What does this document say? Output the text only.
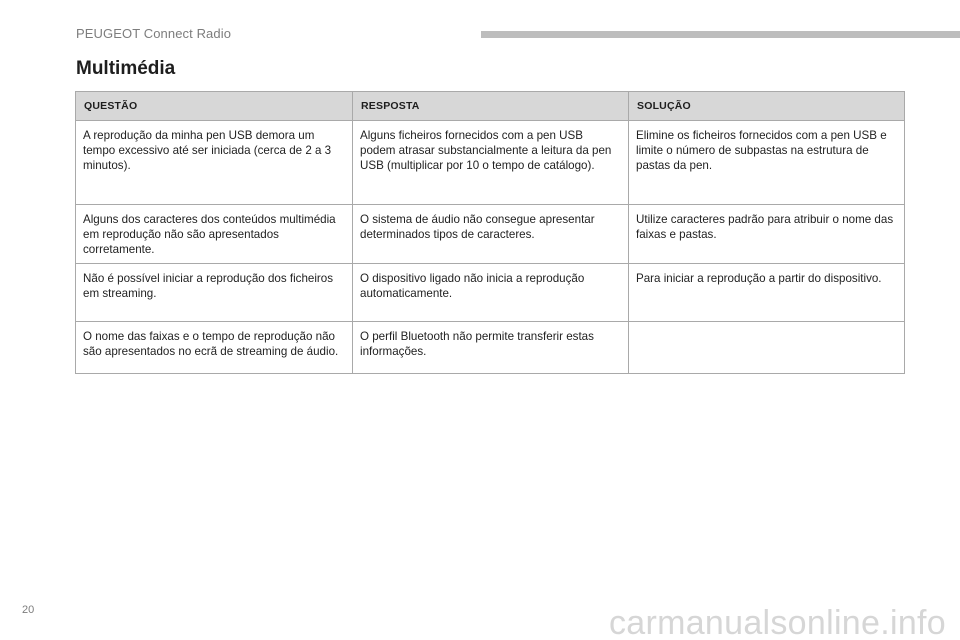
PEUGEOT Connect Radio
Multimédia
QUESTÃO	RESPOSTA	SOLUÇÃO
A reprodução da minha pen USB demora um tempo excessivo até ser iniciada (cerca de 2 a 3 minutos).	Alguns ficheiros fornecidos com a pen USB podem atrasar substancialmente a leitura da pen USB (multiplicar por 10 o tempo de catálogo).	Elimine os ficheiros fornecidos com a pen USB e limite o número de subpastas na estrutura de pastas da pen.
Alguns dos caracteres dos conteúdos multimédia em reprodução não são apresentados corretamente.	O sistema de áudio não consegue apresentar determinados tipos de caracteres.	Utilize caracteres padrão para atribuir o nome das faixas e pastas.
Não é possível iniciar a reprodução dos ficheiros em streaming.	O dispositivo ligado não inicia a reprodução automaticamente.	Para iniciar a reprodução a partir do dispositivo.
O nome das faixas e o tempo de reprodução não são apresentados no ecrã de streaming de áudio.	O perfil Bluetooth não permite transferir estas informações.	
20	carmanualsonline.info
